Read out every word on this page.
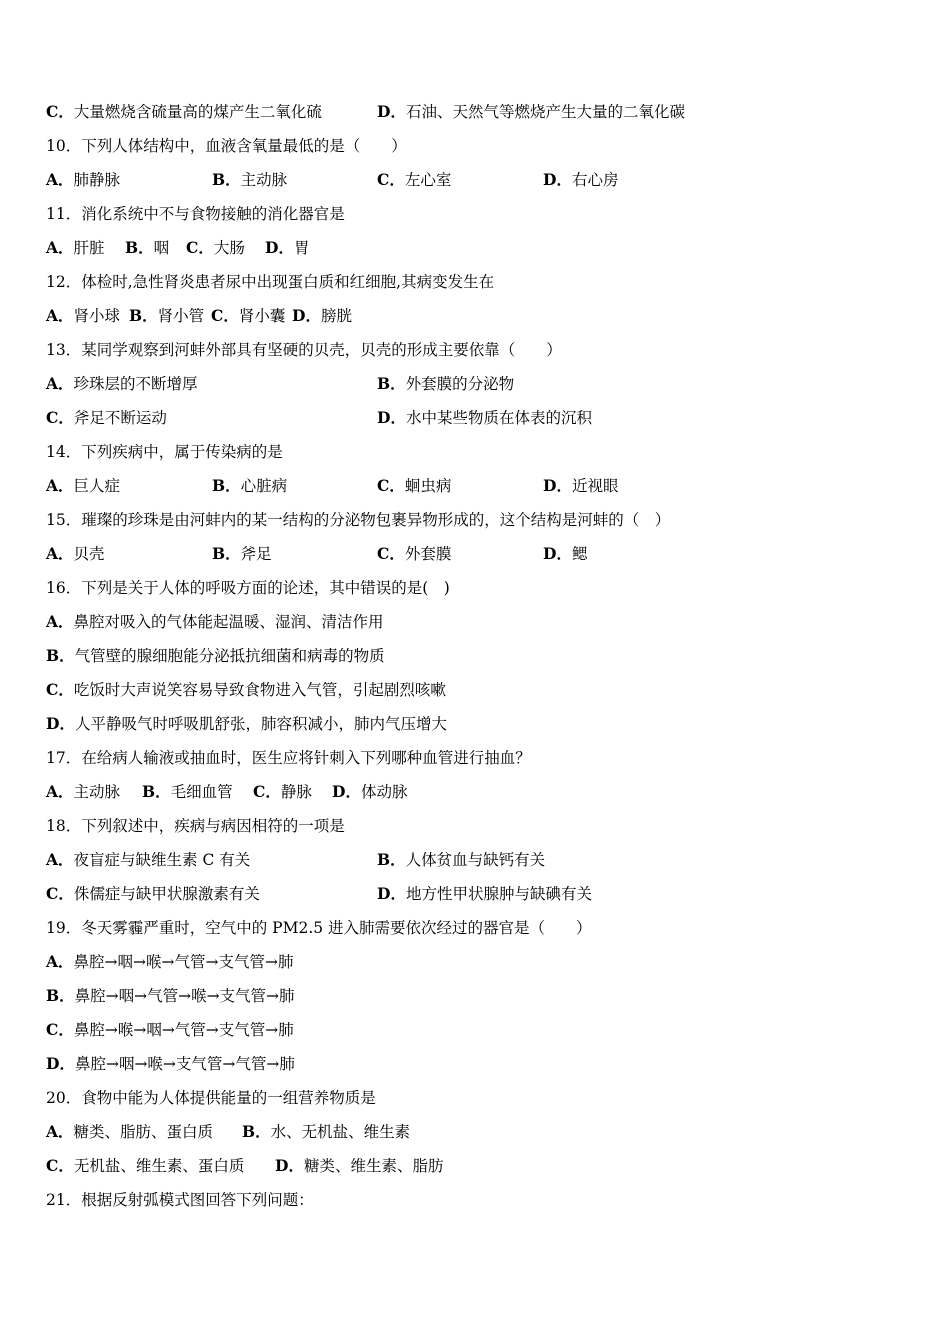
C．大量燃烧含硫量高的煤产生二氧化硫	D．石油、天然气等燃烧产生大量的二氧化碳
10．下列人体结构中，血液含氧量最低的是（　　）
A．肺静脉	B．主动脉	C．左心室	D．右心房
11．消化系统中不与食物接触的消化器官是
A．肝脏 B．咽 C．大肠 D．胃
12．体检时,急性肾炎患者尿中出现蛋白质和红细胞,其病变发生在
A．肾小球 B．肾小管 C．肾小囊 D．膀胱
13．某同学观察到河蚌外部具有坚硬的贝壳，贝壳的形成主要依靠（　　）
A．珍珠层的不断增厚	B．外套膜的分泌物
C．斧足不断运动	D．水中某些物质在体表的沉积
14．下列疾病中，属于传染病的是
A．巨人症	B．心脏病	C．蛔虫病	D．近视眼
15．璀璨的珍珠是由河蚌内的某一结构的分泌物包裹异物形成的，这个结构是河蚌的（　）
A．贝壳	B．斧足	C．外套膜	D．鳃
16．下列是关于人体的呼吸方面的论述，其中错误的是(　)
A．鼻腔对吸入的气体能起温暖、湿润、清洁作用
B．气管壁的腺细胞能分泌抵抗细菌和病毒的物质
C．吃饭时大声说笑容易导致食物进入气管，引起剧烈咳嗽
D．人平静吸气时呼吸肌舒张，肺容积减小，肺内气压增大
17．在给病人输液或抽血时，医生应将针刺入下列哪种血管进行抽血？
A．主动脉 B．毛细血管 C．静脉 D．体动脉
18．下列叙述中，疾病与病因相符的一项是
A．夜盲症与缺维生素 C 有关	B．人体贫血与缺钙有关
C．侏儒症与缺甲状腺激素有关	D．地方性甲状腺肿与缺碘有关
19．冬天雾霾严重时，空气中的 PM2.5 进入肺需要依次经过的器官是（　　）
A．鼻腔→咽→喉→气管→支气管→肺
B．鼻腔→咽→气管→喉→支气管→肺
C．鼻腔→喉→咽→气管→支气管→肺
D．鼻腔→咽→喉→支气管→气管→肺
20．食物中能为人体提供能量的一组营养物质是
A．糖类、脂肪、蛋白质 B．水、无机盐、维生素
C．无机盐、维生素、蛋白质 D．糖类、维生素、脂肪
21．根据反射弧模式图回答下列问题：
